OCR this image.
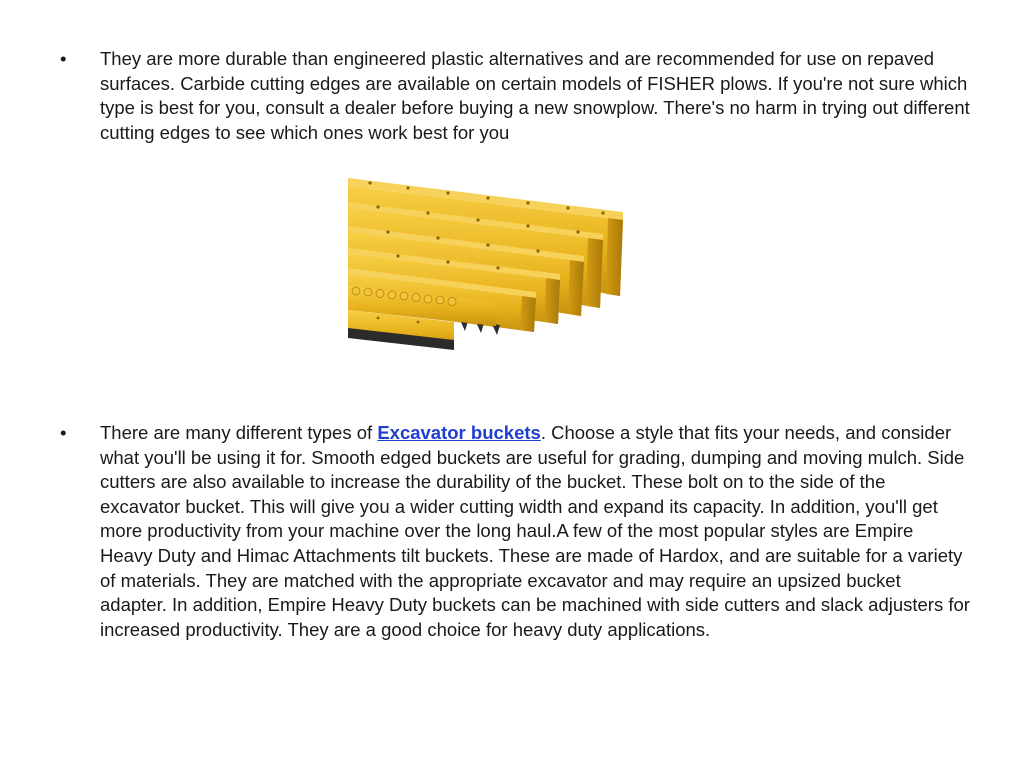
•	They are more durable than engineered plastic alternatives and are recommended for use on repaved surfaces. Carbide cutting edges are available on certain models of FISHER plows. If you're not sure which type is best for you, consult a dealer before buying a new snowplow. There's no harm in trying out different cutting edges to see which ones work best for you
•	There are many different types of Excavator buckets. Choose a style that fits your needs, and consider what you'll be using it for. Smooth edged buckets are useful for grading, dumping and moving mulch. Side cutters are also available to increase the durability of the bucket. These bolt on to the side of the excavator bucket. This will give you a wider cutting width and expand its capacity. In addition, you'll get more productivity from your machine over the long haul.A few of the most popular styles are Empire Heavy Duty and Himac Attachments tilt buckets. These are made of Hardox, and are suitable for a variety of materials. They are matched with the appropriate excavator and may require an upsized bucket adapter. In addition, Empire Heavy Duty buckets can be machined with side cutters and slack adjusters for increased productivity. They are a good choice for heavy duty applications.
